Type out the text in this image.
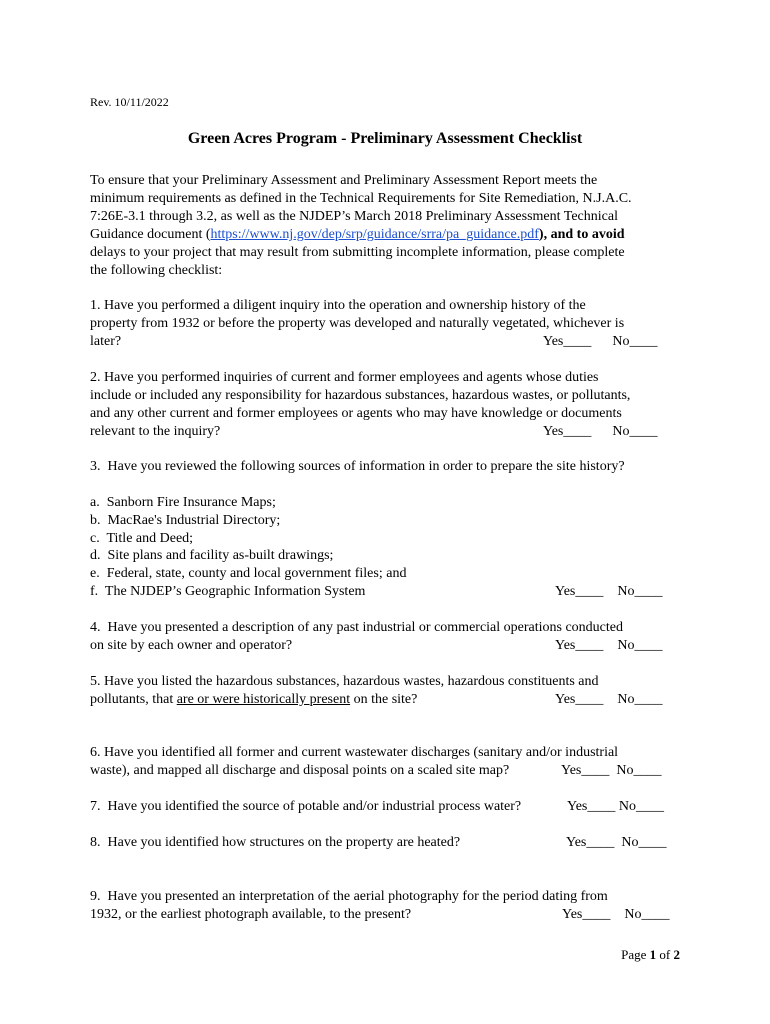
Rev. 10/11/2022
Green Acres Program - Preliminary Assessment Checklist
To ensure that your Preliminary Assessment and Preliminary Assessment Report meets the
minimum requirements as defined in the Technical Requirements for Site Remediation, N.J.A.C.
7:26E-3.1 through 3.2, as well as the NJDEP’s March 2018 Preliminary Assessment Technical
Guidance document (https://www.nj.gov/dep/srp/guidance/srra/pa_guidance.pdf), and to avoid
delays to your project that may result from submitting incomplete information, please complete
the following checklist:
1. Have you performed a diligent inquiry into the operation and ownership history of the
property from 1932 or before the property was developed and naturally vegetated, whichever is
later?	Yes____      No____
2. Have you performed inquiries of current and former employees and agents whose duties
include or included any responsibility for hazardous substances, hazardous wastes, or pollutants,
and any other current and former employees or agents who may have knowledge or documents
relevant to the inquiry?	Yes____      No____
3.  Have you reviewed the following sources of information in order to prepare the site history?
a.  Sanborn Fire Insurance Maps;
b.  MacRae's Industrial Directory;
c.  Title and Deed;
d.  Site plans and facility as-built drawings;
e.  Federal, state, county and local government files; and
f.  The NJDEP’s Geographic Information System	Yes____    No____
4.  Have you presented a description of any past industrial or commercial operations conducted
on site by each owner and operator?	Yes____    No____
5. Have you listed the hazardous substances, hazardous wastes, hazardous constituents and
pollutants, that are or were historically present on the site?	Yes____    No____
6. Have you identified all former and current wastewater discharges (sanitary and/or industrial
waste), and mapped all discharge and disposal points on a scaled site map?	Yes____  No____
7.  Have you identified the source of potable and/or industrial process water?	Yes____ No____
8.  Have you identified how structures on the property are heated?	Yes____  No____
9.  Have you presented an interpretation of the aerial photography for the period dating from
1932, or the earliest photograph available, to the present?	Yes____    No____
Page 1 of 2
